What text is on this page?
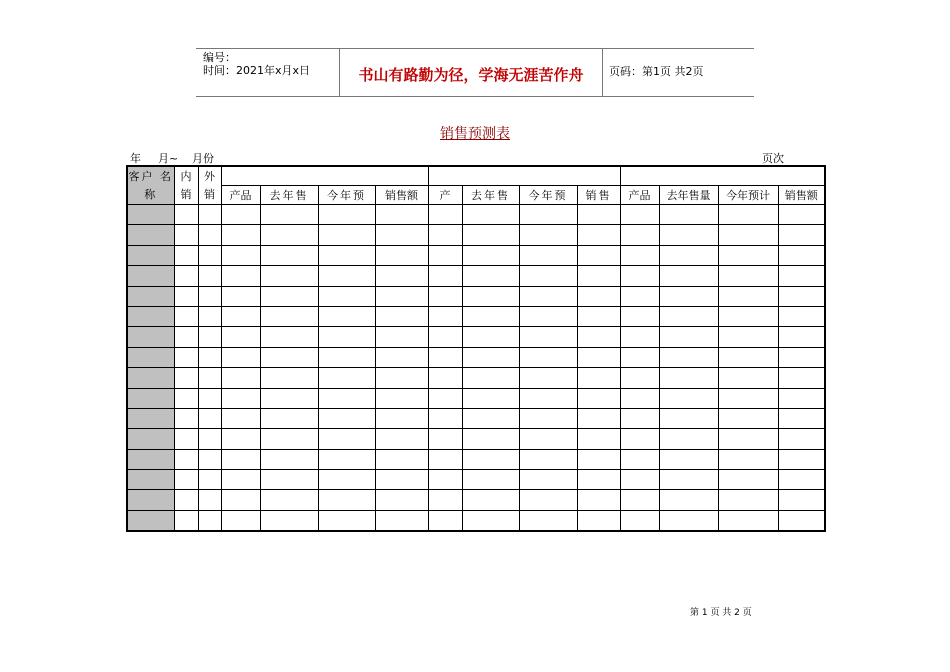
编号：
时间：2021年x月x日	书山有路勤为径，学海无涯苦作舟	页码：第1页 共2页
销售预测表
年 月~ 月份	页次
客户 名称	内 销	外 销												
			产品	去年售	今年预	销售额	产	去年售	今年预	销售	产品	去年售量	今年预计	销售额

第 1 页 共 2 页
